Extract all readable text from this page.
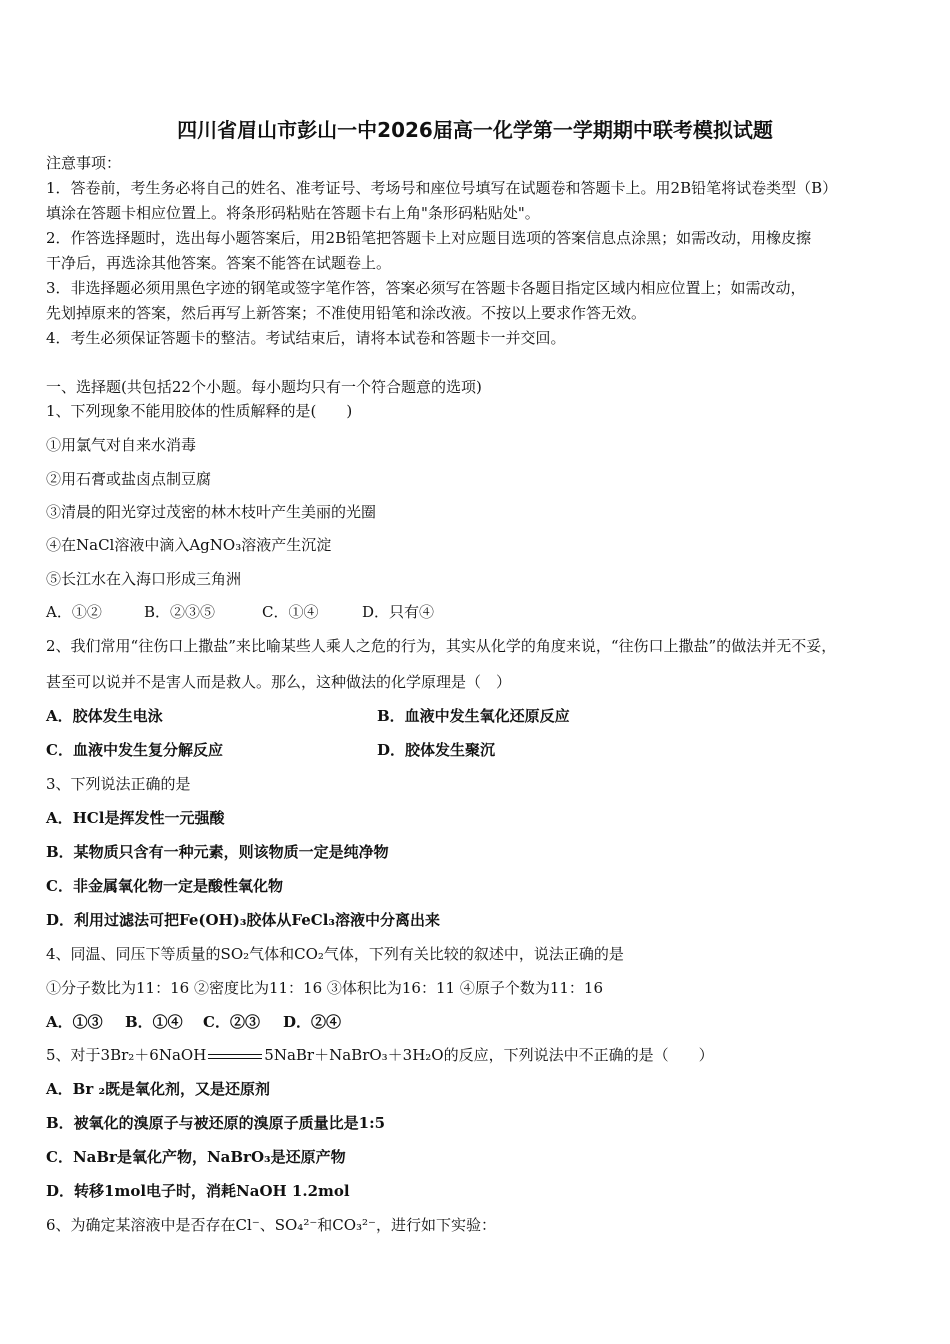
四川省眉山市彭山一中2026届高一化学第一学期期中联考模拟试题
注意事项：
1．答卷前，考生务必将自己的姓名、准考证号、考场号和座位号填写在试题卷和答题卡上。用2B铅笔将试卷类型（B）
填涂在答题卡相应位置上。将条形码粘贴在答题卡右上角"条形码粘贴处"。
2．作答选择题时，选出每小题答案后，用2B铅笔把答题卡上对应题目选项的答案信息点涂黑；如需改动，用橡皮擦
干净后，再选涂其他答案。答案不能答在试题卷上。
3．非选择题必须用黑色字迹的钢笔或签字笔作答，答案必须写在答题卡各题目指定区域内相应位置上；如需改动，
先划掉原来的答案，然后再写上新答案；不准使用铅笔和涂改液。不按以上要求作答无效。
4．考生必须保证答题卡的整洁。考试结束后，请将本试卷和答题卡一并交回。
一、选择题(共包括22个小题。每小题均只有一个符合题意的选项)
1、下列现象不能用胶体的性质解释的是(　　)
①用氯气对自来水消毒
②用石膏或盐卤点制豆腐
③清晨的阳光穿过茂密的林木枝叶产生美丽的光圈
④在NaCl溶液中滴入AgNO₃溶液产生沉淀
⑤长江水在入海口形成三角洲
A．①②	B．②③⑤	C．①④	D．只有④
2、我们常用“往伤口上撒盐”来比喻某些人乘人之危的行为，其实从化学的角度来说，“往伤口上撒盐”的做法并无不妥，
甚至可以说并不是害人而是救人。那么，这种做法的化学原理是（　）
A．胶体发生电泳	B．血液中发生氧化还原反应
C．血液中发生复分解反应	D．胶体发生聚沉
3、下列说法正确的是
A．HCl是挥发性一元强酸
B．某物质只含有一种元素，则该物质一定是纯净物
C．非金属氧化物一定是酸性氧化物
D．利用过滤法可把Fe(OH)₃胶体从FeCl₃溶液中分离出来
4、同温、同压下等质量的SO₂气体和CO₂气体，下列有关比较的叙述中，说法正确的是
①分子数比为11：16 ②密度比为11：16 ③体积比为16：11 ④原子个数为11：16
A．①③ B．①④ C．②③ D．②④
5、对于3Br₂＋6NaOH	5NaBr＋NaBrO₃＋3H₂O的反应，下列说法中不正确的是（　　）
A．Br ₂既是氧化剂，又是还原剂
B．被氧化的溴原子与被还原的溴原子质量比是1:5
C．NaBr是氧化产物，NaBrO₃是还原产物
D．转移1mol电子时，消耗NaOH 1.2mol
6、为确定某溶液中是否存在Cl⁻、SO₄²⁻和CO₃²⁻，进行如下实验：
